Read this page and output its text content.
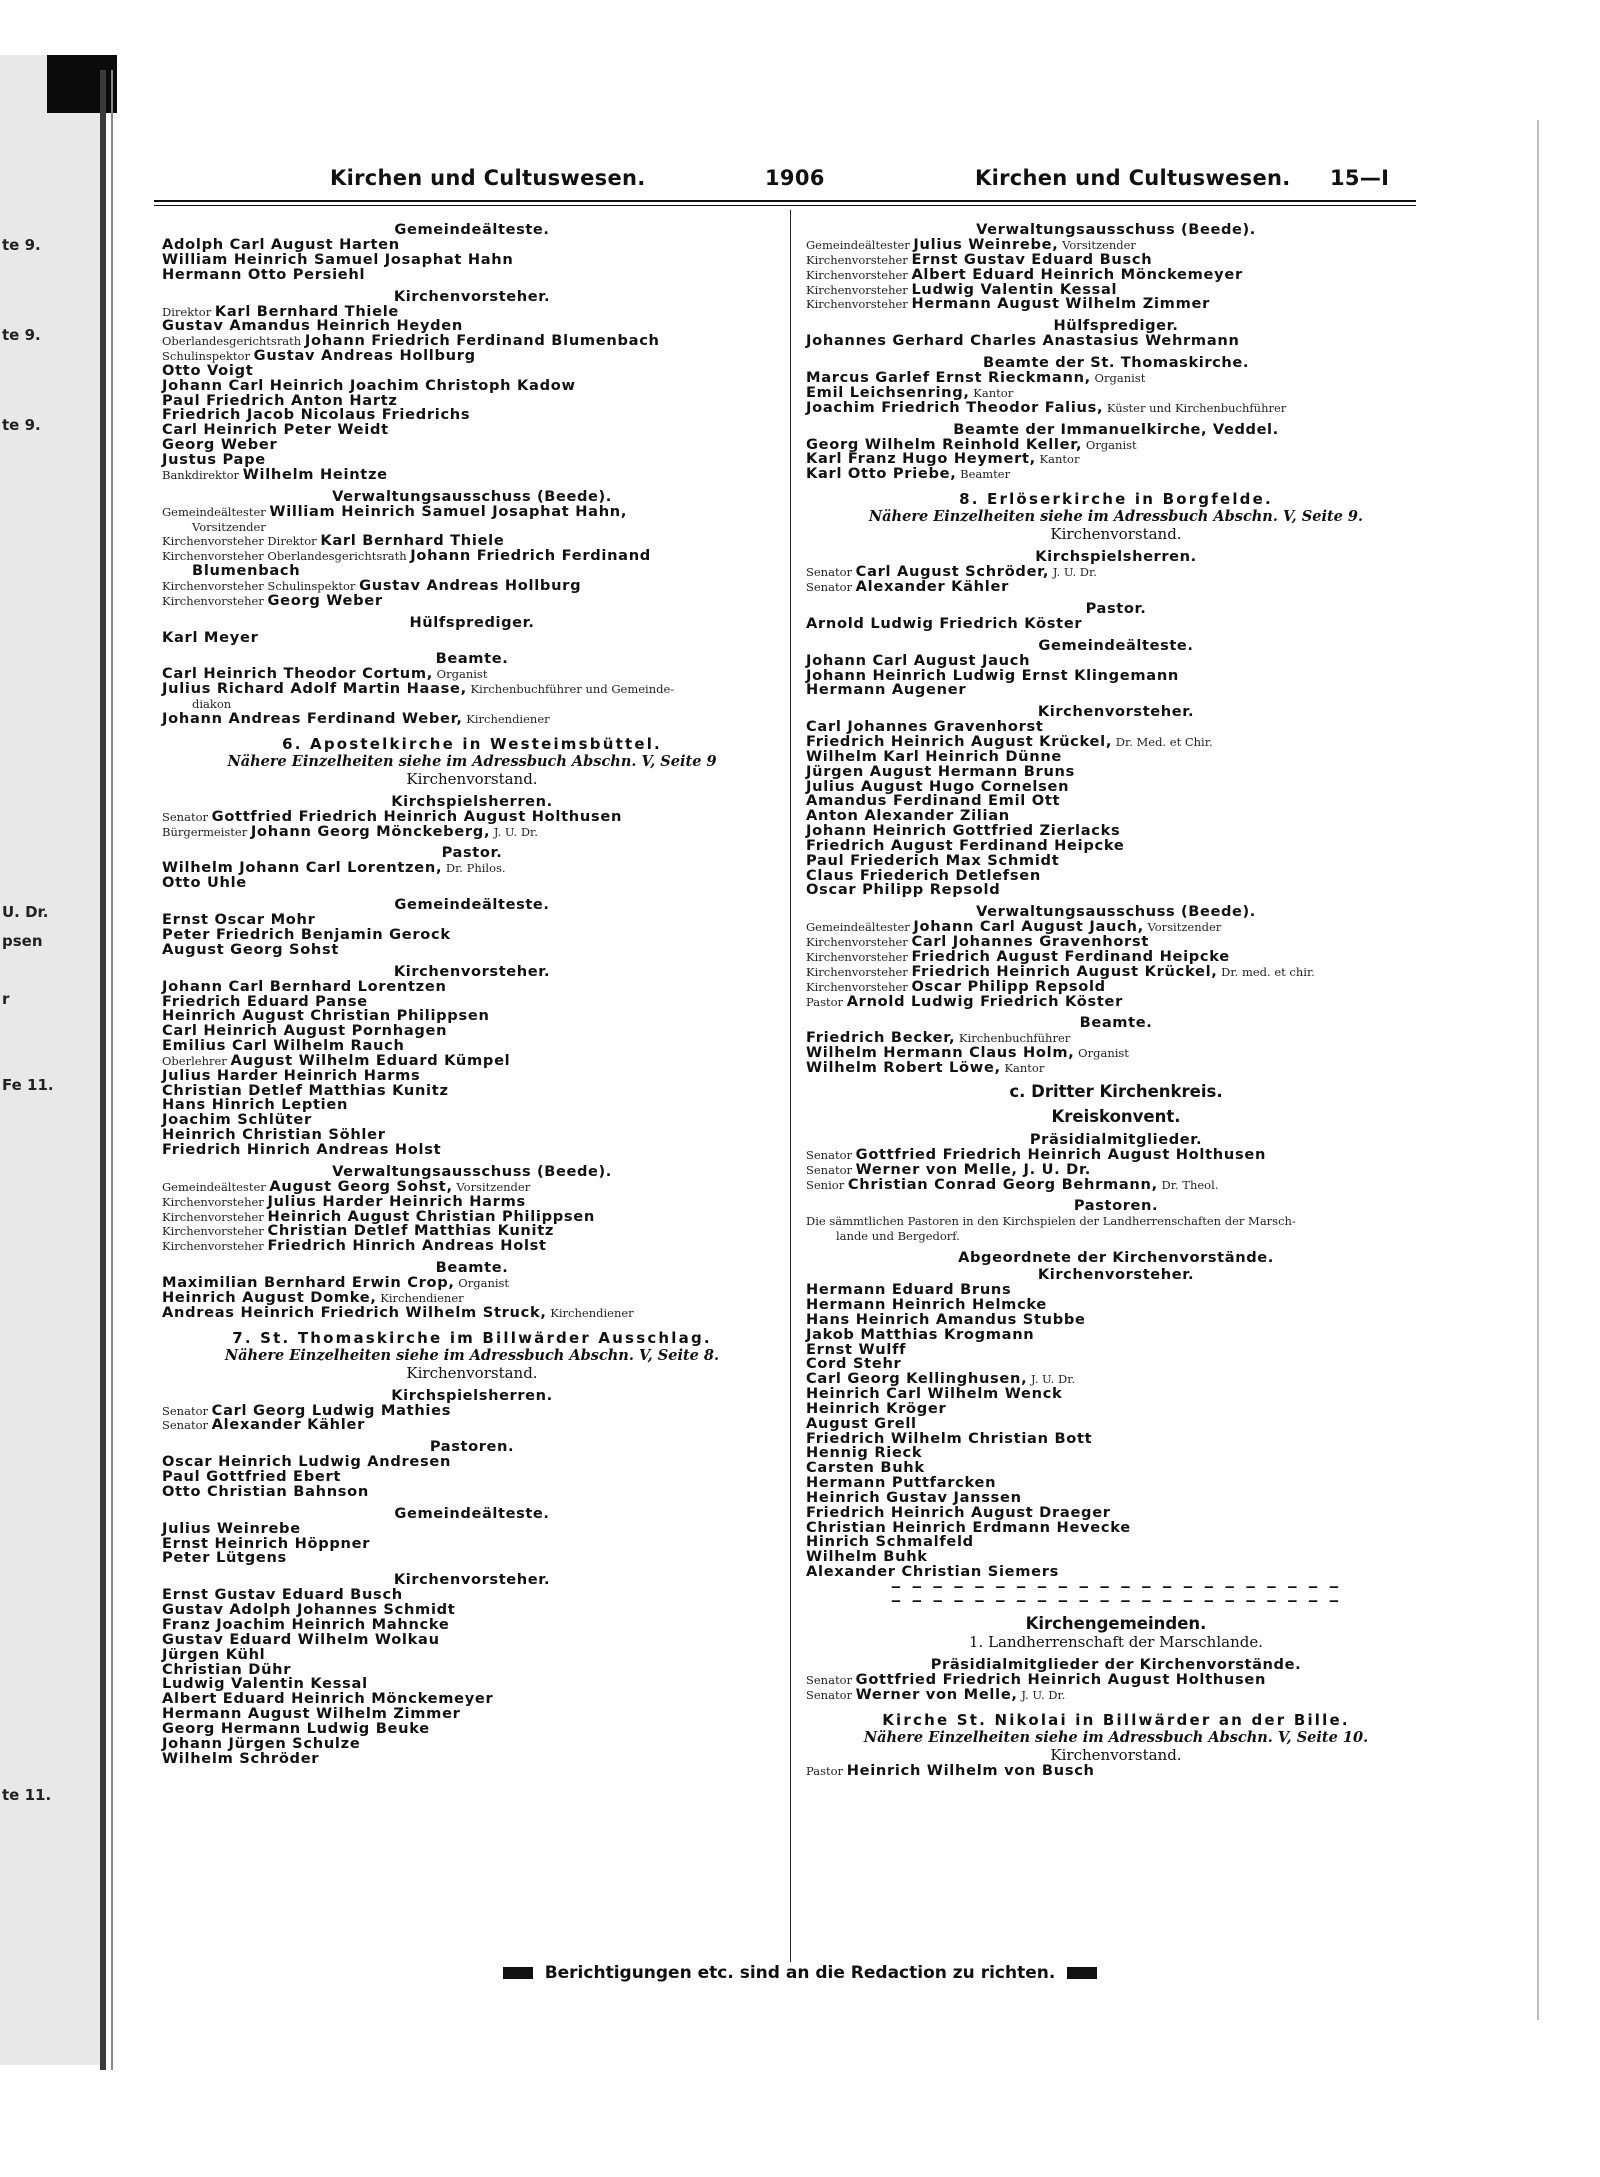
te 9.
te 9.
te 9.
U. Dr.
psen
r
Fe 11.
te 11.
Kirchen und Cultuswesen.	1906	Kirchen und Cultuswesen. 15—I
Gemeindeälteste.
Adolph Carl August Harten
William Heinrich Samuel Josaphat Hahn
Hermann Otto Persiehl
Kirchenvorsteher.
Direktor Karl Bernhard Thiele
Gustav Amandus Heinrich Heyden
Oberlandesgerichtsrath Johann Friedrich Ferdinand Blumenbach
Schulinspektor Gustav Andreas Hollburg
Otto Voigt
Johann Carl Heinrich Joachim Christoph Kadow
Paul Friedrich Anton Hartz
Friedrich Jacob Nicolaus Friedrichs
Carl Heinrich Peter Weidt
Georg Weber
Justus Pape
Bankdirektor Wilhelm Heintze
Verwaltungsausschuss (Beede).
Gemeindeältester William Heinrich Samuel Josaphat Hahn,
Vorsitzender
Kirchenvorsteher Direktor Karl Bernhard Thiele
Kirchenvorsteher Oberlandesgerichtsrath Johann Friedrich Ferdinand
Blumenbach
Kirchenvorsteher Schulinspektor Gustav Andreas Hollburg
Kirchenvorsteher Georg Weber
Hülfsprediger.
Karl Meyer
Beamte.
Carl Heinrich Theodor Cortum, Organist
Julius Richard Adolf Martin Haase, Kirchenbuchführer und Gemeinde-
diakon
Johann Andreas Ferdinand Weber, Kirchendiener
6. Apostelkirche in Westeimsbüttel.
Nähere Einzelheiten siehe im Adressbuch Abschn. V, Seite 9
Kirchenvorstand.
Kirchspielsherren.
Senator Gottfried Friedrich Heinrich August Holthusen
Bürgermeister Johann Georg Mönckeberg, J. U. Dr.
Pastor.
Wilhelm Johann Carl Lorentzen, Dr. Philos.
Otto Uhle
Gemeindeälteste.
Ernst Oscar Mohr
Peter Friedrich Benjamin Gerock
August Georg Sohst
Kirchenvorsteher.
Johann Carl Bernhard Lorentzen
Friedrich Eduard Panse
Heinrich August Christian Philippsen
Carl Heinrich August Pornhagen
Emilius Carl Wilhelm Rauch
Oberlehrer August Wilhelm Eduard Kümpel
Julius Harder Heinrich Harms
Christian Detlef Matthias Kunitz
Hans Hinrich Leptien
Joachim Schlüter
Heinrich Christian Söhler
Friedrich Hinrich Andreas Holst
Verwaltungsausschuss (Beede).
Gemeindeältester August Georg Sohst, Vorsitzender
Kirchenvorsteher Julius Harder Heinrich Harms
Kirchenvorsteher Heinrich August Christian Philippsen
Kirchenvorsteher Christian Detlef Matthias Kunitz
Kirchenvorsteher Friedrich Hinrich Andreas Holst
Beamte.
Maximilian Bernhard Erwin Crop, Organist
Heinrich August Domke, Kirchendiener
Andreas Heinrich Friedrich Wilhelm Struck, Kirchendiener
7. St. Thomaskirche im Billwärder Ausschlag.
Nähere Einzelheiten siehe im Adressbuch Abschn. V, Seite 8.
Kirchenvorstand.
Kirchspielsherren.
Senator Carl Georg Ludwig Mathies
Senator Alexander Kähler
Pastoren.
Oscar Heinrich Ludwig Andresen
Paul Gottfried Ebert
Otto Christian Bahnson
Gemeindeälteste.
Julius Weinrebe
Ernst Heinrich Höppner
Peter Lütgens
Kirchenvorsteher.
Ernst Gustav Eduard Busch
Gustav Adolph Johannes Schmidt
Franz Joachim Heinrich Mahncke
Gustav Eduard Wilhelm Wolkau
Jürgen Kühl
Christian Dühr
Ludwig Valentin Kessal
Albert Eduard Heinrich Mönckemeyer
Hermann August Wilhelm Zimmer
Georg Hermann Ludwig Beuke
Johann Jürgen Schulze
Wilhelm Schröder
Verwaltungsausschuss (Beede).
Gemeindeältester Julius Weinrebe, Vorsitzender
Kirchenvorsteher Ernst Gustav Eduard Busch
Kirchenvorsteher Albert Eduard Heinrich Mönckemeyer
Kirchenvorsteher Ludwig Valentin Kessal
Kirchenvorsteher Hermann August Wilhelm Zimmer
Hülfsprediger.
Johannes Gerhard Charles Anastasius Wehrmann
Beamte der St. Thomaskirche.
Marcus Garlef Ernst Rieckmann, Organist
Emil Leichsenring, Kantor
Joachim Friedrich Theodor Falius, Küster und Kirchenbuchführer
Beamte der Immanuelkirche, Veddel.
Georg Wilhelm Reinhold Keller, Organist
Karl Franz Hugo Heymert, Kantor
Karl Otto Priebe, Beamter
8. Erlöserkirche in Borgfelde.
Nähere Einzelheiten siehe im Adressbuch Abschn. V, Seite 9.
Kirchenvorstand.
Kirchspielsherren.
Senator Carl August Schröder, J. U. Dr.
Senator Alexander Kähler
Pastor.
Arnold Ludwig Friedrich Köster
Gemeindeälteste.
Johann Carl August Jauch
Johann Heinrich Ludwig Ernst Klingemann
Hermann Augener
Kirchenvorsteher.
Carl Johannes Gravenhorst
Friedrich Heinrich August Krückel, Dr. Med. et Chir.
Wilhelm Karl Heinrich Dünne
Jürgen August Hermann Bruns
Julius August Hugo Cornelsen
Amandus Ferdinand Emil Ott
Anton Alexander Zilian
Johann Heinrich Gottfried Zierlacks
Friedrich August Ferdinand Heipcke
Paul Friederich Max Schmidt
Claus Friederich Detlefsen
Oscar Philipp Repsold
Verwaltungsausschuss (Beede).
Gemeindeältester Johann Carl August Jauch, Vorsitzender
Kirchenvorsteher Carl Johannes Gravenhorst
Kirchenvorsteher Friedrich August Ferdinand Heipcke
Kirchenvorsteher Friedrich Heinrich August Krückel, Dr. med. et chir.
Kirchenvorsteher Oscar Philipp Repsold
Pastor Arnold Ludwig Friedrich Köster
Beamte.
Friedrich Becker, Kirchenbuchführer
Wilhelm Hermann Claus Holm, Organist
Wilhelm Robert Löwe, Kantor
c. Dritter Kirchenkreis.
Kreiskonvent.
Präsidialmitglieder.
Senator Gottfried Friedrich Heinrich August Holthusen
Senator Werner von Melle, J. U. Dr.
Senior Christian Conrad Georg Behrmann, Dr. Theol.
Pastoren.
Die sämmtlichen Pastoren in den Kirchspielen der Landherrenschaften der Marsch-
lande und Bergedorf.
Abgeordnete der Kirchenvorstände.
Kirchenvorsteher.
Hermann Eduard Bruns
Hermann Heinrich Helmcke
Hans Heinrich Amandus Stubbe
Jakob Matthias Krogmann
Ernst Wulff
Cord Stehr
Carl Georg Kellinghusen, J. U. Dr.
Heinrich Carl Wilhelm Wenck
Heinrich Kröger
August Grell
Friedrich Wilhelm Christian Bott
Hennig Rieck
Carsten Buhk
Hermann Puttfarcken
Heinrich Gustav Janssen
Friedrich Heinrich August Draeger
Christian Heinrich Erdmann Hevecke
Hinrich Schmalfeld
Wilhelm Buhk
Alexander Christian Siemers
— — — — — — — — — — — — — — — — — — — — — —
— — — — — — — — — — — — — — — — — — — — — —
Kirchengemeinden.
1. Landherrenschaft der Marschlande.
Präsidialmitglieder der Kirchenvorstände.
Senator Gottfried Friedrich Heinrich August Holthusen
Senator Werner von Melle, J. U. Dr.
Kirche St. Nikolai in Billwärder an der Bille.
Nähere Einzelheiten siehe im Adressbuch Abschn. V, Seite 10.
Kirchenvorstand.
Pastor Heinrich Wilhelm von Busch
Berichtigungen etc. sind an die Redaction zu richten.
